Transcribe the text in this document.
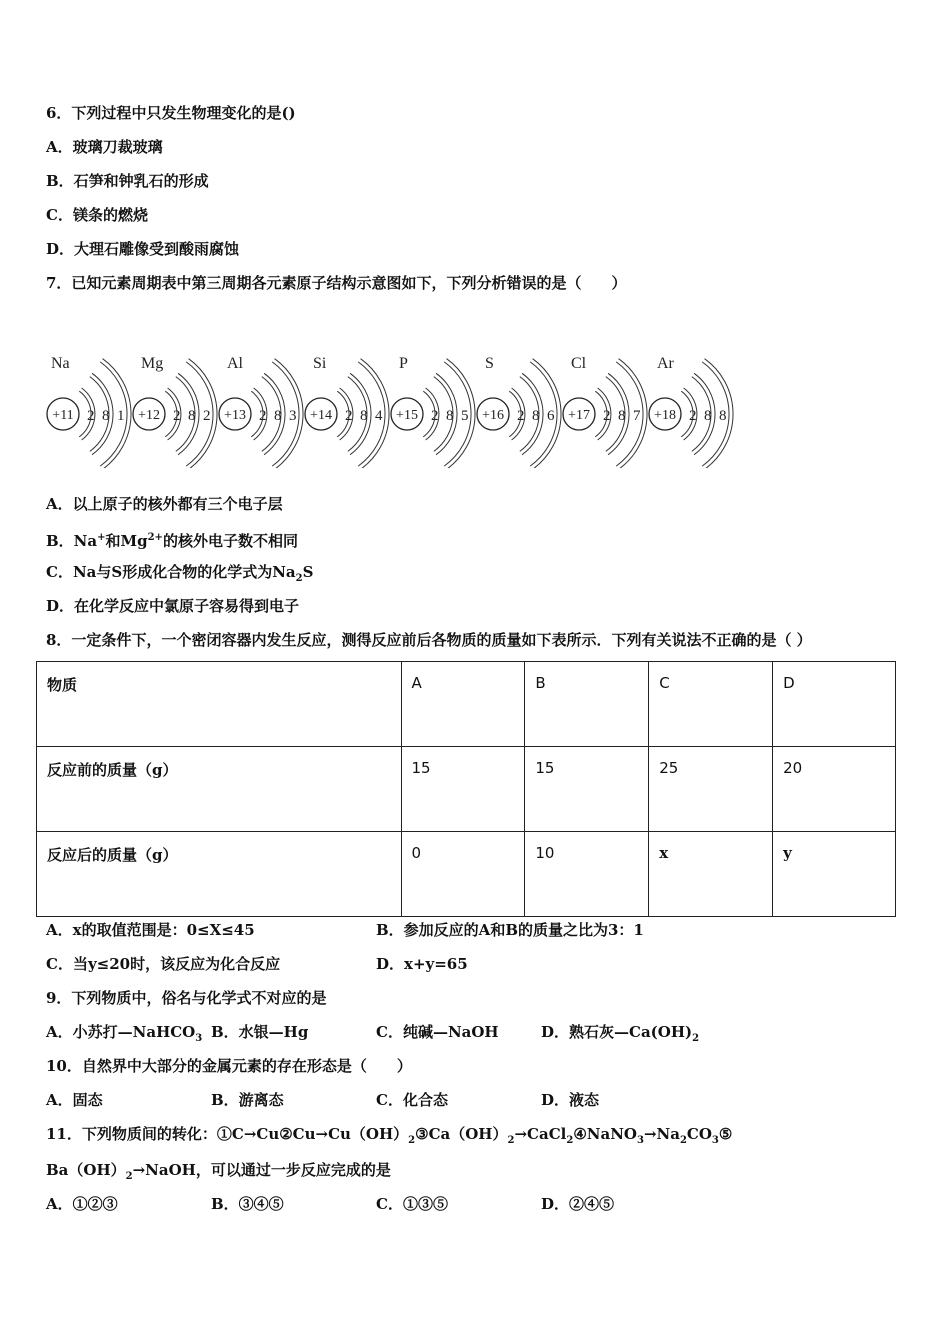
6．下列过程中只发生物理变化的是()
A．玻璃刀裁玻璃
B．石笋和钟乳石的形成
C．镁条的燃烧
D．大理石雕像受到酸雨腐蚀
7．已知元素周期表中第三周期各元素原子结构示意图如下，下列分析错误的是（　　）
Na
+11 2 8 1
Mg
+12 2 8 2
Al
+13 2 8 3
Si
+14 2 8 4
P
+15 2 8 5
S
+16 2 8 6
Cl
+17 2 8 7
Ar
+18 2 8 8
A．以上原子的核外都有三个电子层
B．Na+和$Mg^{2+}$的核外电子数不相同
C．Na与S形成化合物的化学式为$Na_2S$
D．在化学反应中氯原子容易得到电子
8．一定条件下，一个密闭容器内发生反应，测得反应前后各物质的质量如下表所示．下列有关说法不正确的是（ ）
物质	A	B	C	D
反应前的质量（g）	15	15	25	20
反应后的质量（g）	0	10	x	y
A．x的取值范围是：0≤X≤45	B．参加反应的A和B的质量之比为3：1
C．当y≤20时，该反应为化合反应	D．x+y=65
9．下列物质中，俗名与化学式不对应的是
A．小苏打—NaHCO$_3$ B．水银—Hg	C．纯碱—NaOH	D．熟石灰$—Ca(OH)_2$
10．自然界中大部分的金属元素的存在形态是（　　）
A．固态	B．游离态	C．化合态	D．液态
11．下列物质间的转化：$①C\to Cu②Cu\to Cu(OH)_2③Ca(OH)_2\to CaCl_2④NaNO_3\to Na_2CO_3⑤$
$Ba(OH)_2\to NaOH$，可以通过一步反应完成的是
A．①②③	B．③④⑤	C．①③⑤	D．②④⑤
